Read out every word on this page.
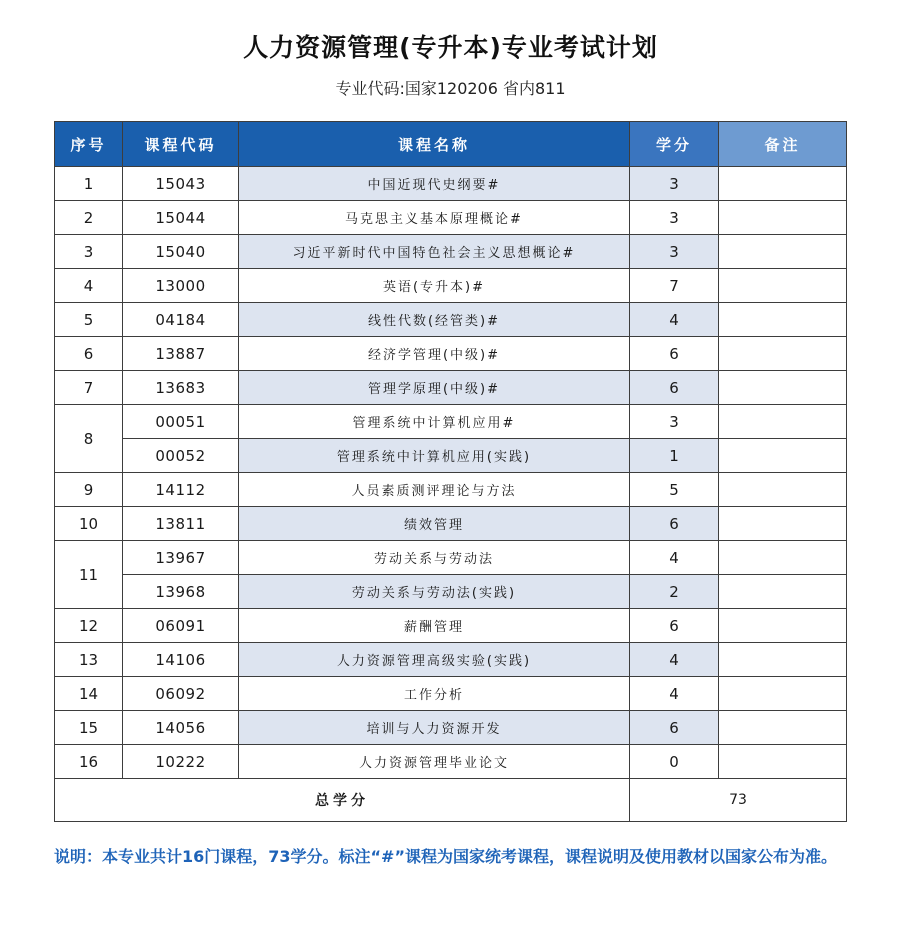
人力资源管理(专升本)专业考试计划
专业代码:国家120206 省内811
序号	课程代码	课程名称	学分	备注
1	15043	中国近现代史纲要#	3	
2	15044	马克思主义基本原理概论#	3	
3	15040	习近平新时代中国特色社会主义思想概论#	3	
4	13000	英语(专升本)#	7	
5	04184	线性代数(经管类)#	4	
6	13887	经济学管理(中级)#	6	
7	13683	管理学原理(中级)#	6	
8	00051	管理系统中计算机应用#	3	
	00052	管理系统中计算机应用(实践)	1	
9	14112	人员素质测评理论与方法	5	
10	13811	绩效管理	6	
11	13967	劳动关系与劳动法	4	
	13968	劳动关系与劳动法(实践)	2	
12	06091	薪酬管理	6	
13	14106	人力资源管理高级实验(实践)	4	
14	06092	工作分析	4	
15	14056	培训与人力资源开发	6	
16	10222	人力资源管理毕业论文	0	
总学分			73	
说明：本专业共计16门课程，73学分。标注“#”课程为国家统考课程，课程说明及使用教材以国家公布为准。
